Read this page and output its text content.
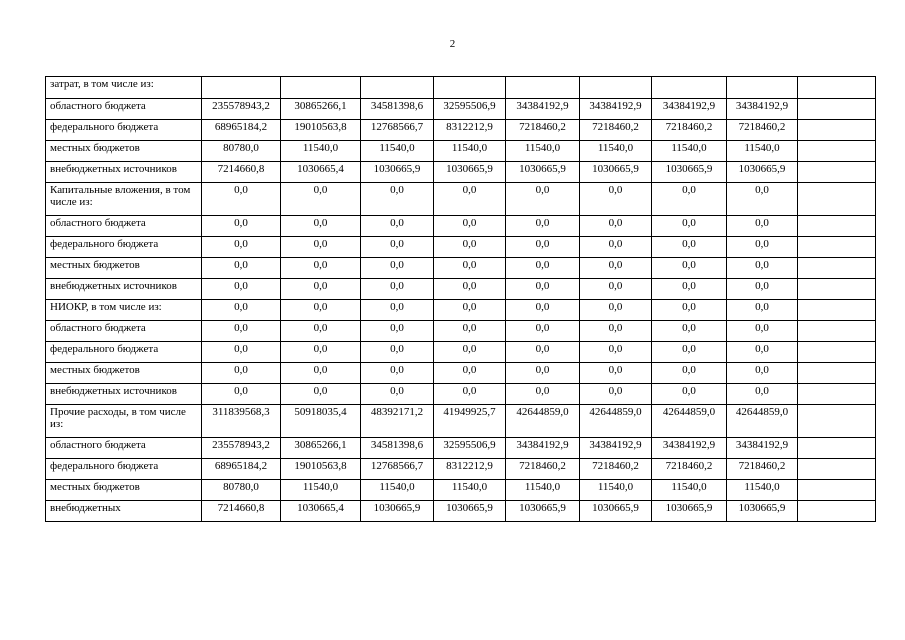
2
затрат, в том числе из:									
областного бюджета	235578943,2	30865266,1	34581398,6	32595506,9	34384192,9	34384192,9	34384192,9	34384192,9	
федерального бюджета	68965184,2	19010563,8	12768566,7	8312212,9	7218460,2	7218460,2	7218460,2	7218460,2	
местных бюджетов	80780,0	11540,0	11540,0	11540,0	11540,0	11540,0	11540,0	11540,0	
внебюджетных источников	7214660,8	1030665,4	1030665,9	1030665,9	1030665,9	1030665,9	1030665,9	1030665,9	
Капитальные вложения, в том числе из:	0,0	0,0	0,0	0,0	0,0	0,0	0,0	0,0	
областного бюджета	0,0	0,0	0,0	0,0	0,0	0,0	0,0	0,0	
федерального бюджета	0,0	0,0	0,0	0,0	0,0	0,0	0,0	0,0	
местных бюджетов	0,0	0,0	0,0	0,0	0,0	0,0	0,0	0,0	
внебюджетных источников	0,0	0,0	0,0	0,0	0,0	0,0	0,0	0,0	
НИОКР, в том числе из:	0,0	0,0	0,0	0,0	0,0	0,0	0,0	0,0	
областного бюджета	0,0	0,0	0,0	0,0	0,0	0,0	0,0	0,0	
федерального бюджета	0,0	0,0	0,0	0,0	0,0	0,0	0,0	0,0	
местных бюджетов	0,0	0,0	0,0	0,0	0,0	0,0	0,0	0,0	
внебюджетных источников	0,0	0,0	0,0	0,0	0,0	0,0	0,0	0,0	
Прочие расходы, в том числе из:	311839568,3	50918035,4	48392171,2	41949925,7	42644859,0	42644859,0	42644859,0	42644859,0	
областного бюджета	235578943,2	30865266,1	34581398,6	32595506,9	34384192,9	34384192,9	34384192,9	34384192,9	
федерального бюджета	68965184,2	19010563,8	12768566,7	8312212,9	7218460,2	7218460,2	7218460,2	7218460,2	
местных бюджетов	80780,0	11540,0	11540,0	11540,0	11540,0	11540,0	11540,0	11540,0	
внебюджетных	7214660,8	1030665,4	1030665,9	1030665,9	1030665,9	1030665,9	1030665,9	1030665,9	
